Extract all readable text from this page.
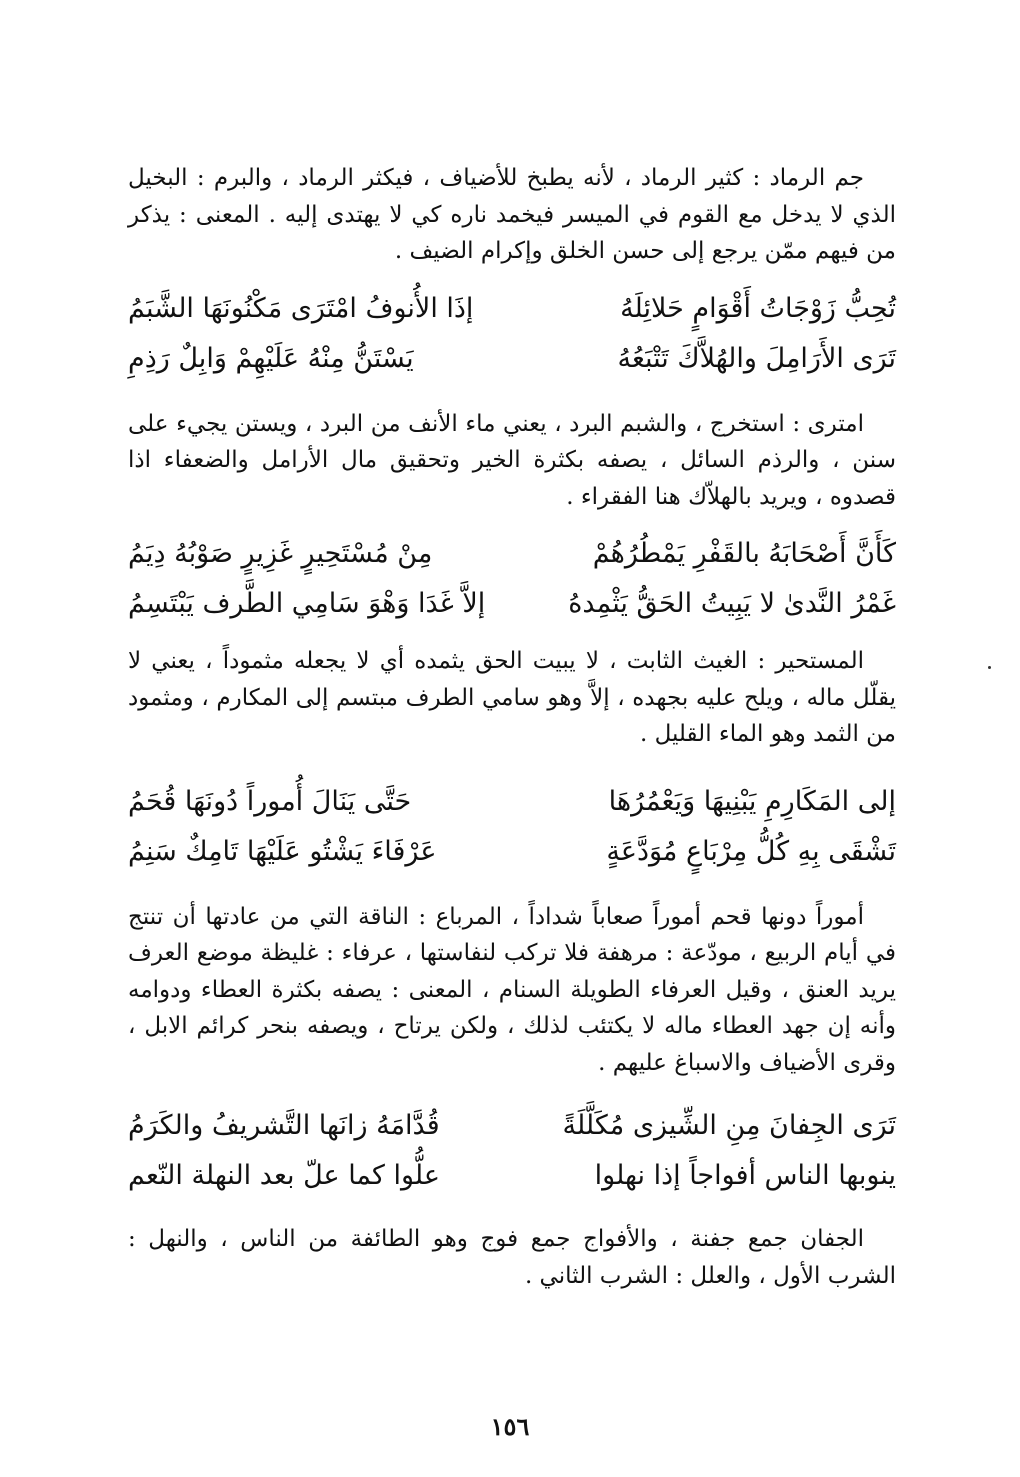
جم الرماد : كثير الرماد ، لأنه يطبخ للأضياف ، فيكثر الرماد ، والبرم : البخيل الذي لا يدخل مع القوم في الميسر فيخمد ناره كي لا يهتدى إليه . المعنى : يذكر من فيهم ممّن يرجع إلى حسن الخلق وإكرام الضيف .

تُحِبُّ زَوْجَاتُ أَقْوَامٍ حَلائِلَهُ
إذَا الأُنوفُ امْتَرَى مَكْنُونَهَا الشَّبَمُ
تَرَى الأَرَامِلَ والهُلاَّكَ تَتْبَعُهُ
يَسْتَنُّ مِنْهُ عَلَيْهِمْ وَابِلٌ رَذِمِ

امترى : استخرج ، والشبم البرد ، يعني ماء الأنف من البرد ، ويستن يجيء على سنن ، والرذم السائل ، يصفه بكثرة الخير وتحقيق مال الأرامل والضعفاء اذا قصدوه ، ويريد بالهلاّك هنا الفقراء .

كَأَنَّ أَصْحَابَهُ بالقَفْرِ يَمْطُرُهُمْ
مِنْ مُسْتَحِيرٍ غَزِيرٍ صَوْبُهُ دِيَمُ
غَمْرُ النَّدىٰ لا يَبِيتُ الحَقُّ يَثْمِدهُ
إلاَّ غَدَا وَهْوَ سَامِي الطَّرف يَبْتَسِمُ

المستحير : الغيث الثابت ، لا يبيت الحق يثمده أي لا يجعله مثموداً ، يعني لا يقلّل ماله ، ويلح عليه بجهده ، إلاَّ وهو سامي الطرف مبتسم إلى المكارم ، ومثمود من الثمد وهو الماء القليل .

إلى المَكَارِمِ يَبْنِيهَا وَيَعْمُرُهَا
حَتَّى يَنَالَ أُموراً دُونَهَا قُحَمُ
تَشْقَى بِهِ كُلُّ مِرْبَاعٍ مُوَدَّعَةٍ
عَرْفَاءَ يَشْتُو عَلَيْهَا تَامِكٌ سَنِمُ

أموراً دونها قحم أموراً صعاباً شداداً ، المرباع : الناقة التي من عادتها أن تنتج في أيام الربيع ، مودّعة : مرهفة فلا تركب لنفاستها ، عرفاء : غليظة موضع العرف يريد العنق ، وقيل العرفاء الطويلة السنام ، المعنى : يصفه بكثرة العطاء ودوامه وأنه إن جهد العطاء ماله لا يكتئب لذلك ، ولكن يرتاح ، ويصفه بنحر كرائم الابل ، وقرى الأضياف والاسباغ عليهم .

تَرَى الجِفانَ مِنِ الشِّيزى مُكَلَّلَةً
قُدَّامَهُ زانَها التَّشريفُ والكَرَمُ
ينوبها الناس أفواجاً إذا نهلوا
علُّوا كما علّ بعد النهلة النّعم

الجفان جمع جفنة ، والأفواج جمع فوج وهو الطائفة من الناس ، والنهل : الشرب الأول ، والعلل : الشرب الثاني .

١٥٦
